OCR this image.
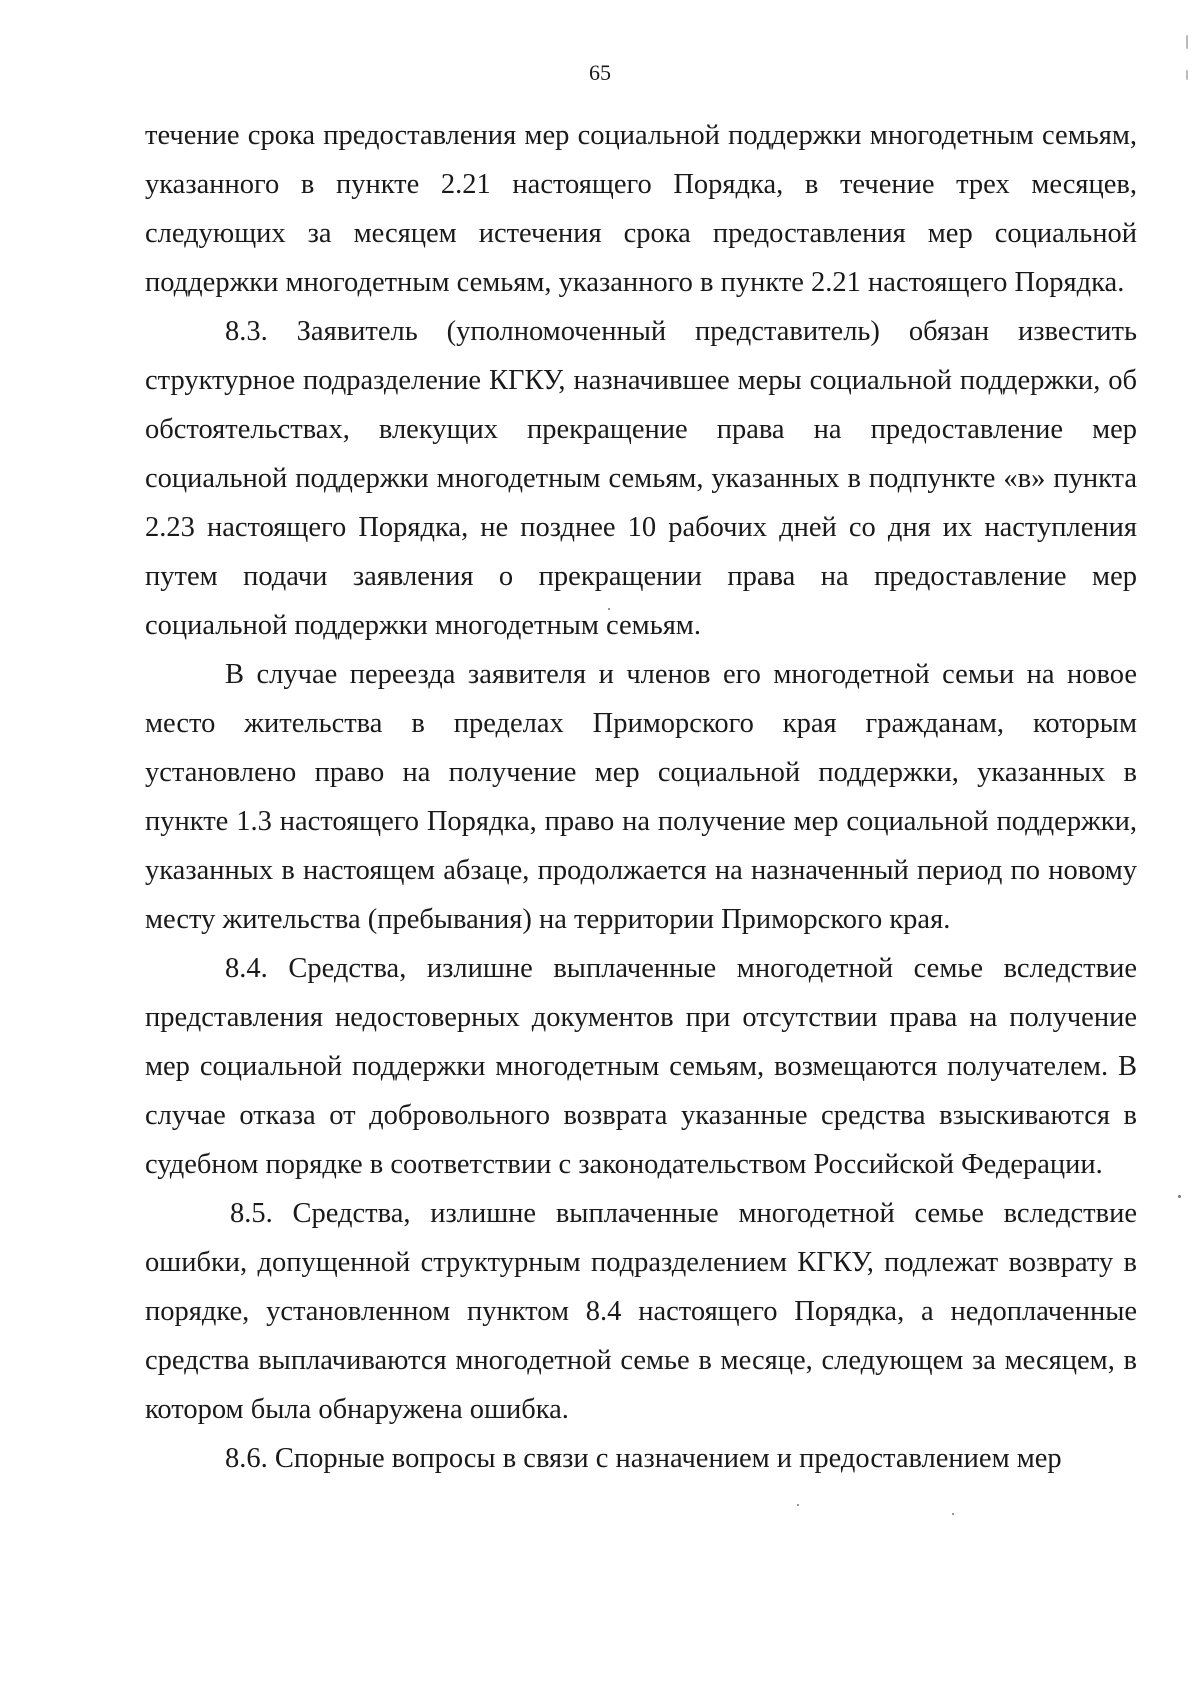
65

течение срока предоставления мер социальной поддержки многодетным семьям, указанного в пункте 2.21 настоящего Порядка, в течение трех месяцев, следующих за месяцем истечения срока предоставления мер социальной поддержки многодетным семьям, указанного в пункте 2.21 настоящего Порядка.

8.3. Заявитель (уполномоченный представитель) обязан известить структурное подразделение КГКУ, назначившее меры социальной поддержки, об обстоятельствах, влекущих прекращение права на предоставление мер социальной поддержки многодетным семьям, указанных в подпункте «в» пункта 2.23 настоящего Порядка, не позднее 10 рабочих дней со дня их наступления путем подачи заявления о прекращении права на предоставление мер социальной поддержки многодетным семьям.

В случае переезда заявителя и членов его многодетной семьи на новое место жительства в пределах Приморского края гражданам, которым установлено право на получение мер социальной поддержки, указанных в пункте 1.3 настоящего Порядка, право на получение мер социальной поддержки, указанных в настоящем абзаце, продолжается на назначенный период по новому месту жительства (пребывания) на территории Приморского края.

8.4. Средства, излишне выплаченные многодетной семье вследствие представления недостоверных документов при отсутствии права на получение мер социальной поддержки многодетным семьям, возмещаются получателем. В случае отказа от добровольного возврата указанные средства взыскиваются в судебном порядке в соответствии с законодательством Российской Федерации.

8.5. Средства, излишне выплаченные многодетной семье вследствие ошибки, допущенной структурным подразделением КГКУ, подлежат возврату в порядке, установленном пунктом 8.4 настоящего Порядка, а недоплаченные средства выплачиваются многодетной семье в месяце, следующем за месяцем, в котором была обнаружена ошибка.

8.6. Спорные вопросы в связи с назначением и предоставлением мер
